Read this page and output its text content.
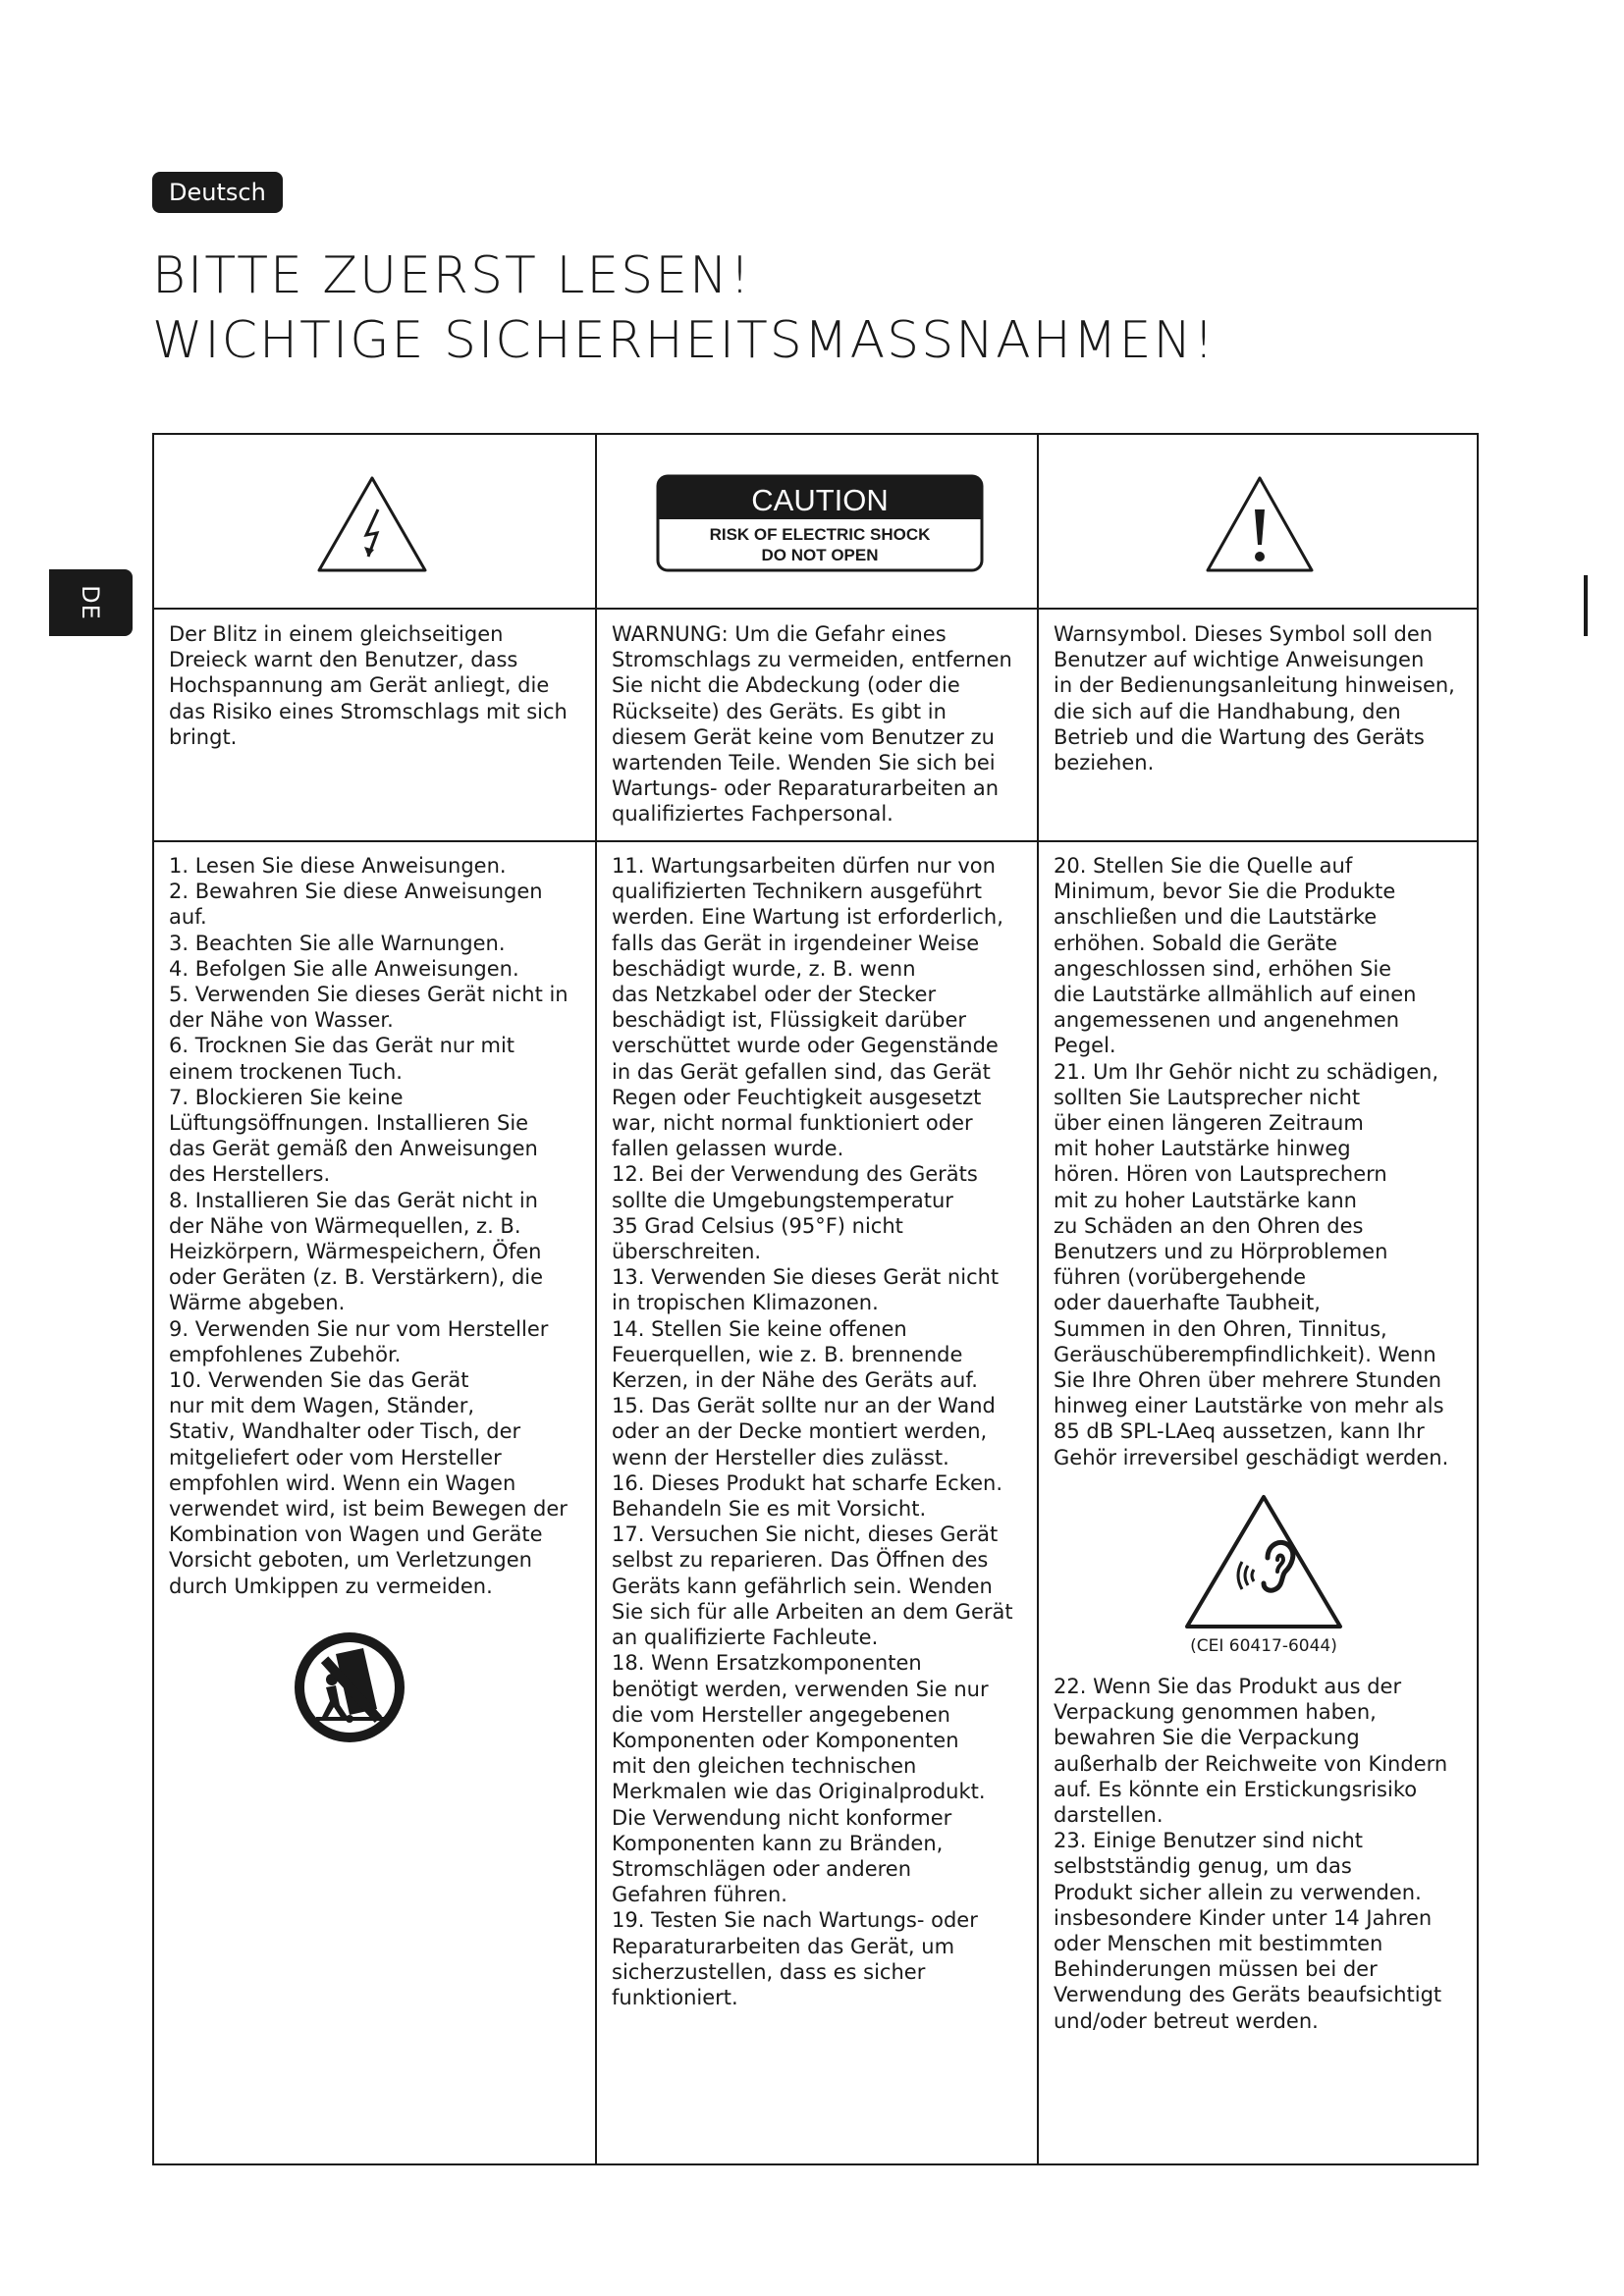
Deutsch
BITTE ZUERST LESEN!
WICHTIGE SICHERHEITSMASSNAHMEN!
DE
CAUTION
RISK OF ELECTRIC SHOCK
DO NOT OPEN
Der Blitz in einem gleichseitigen
Dreieck warnt den Benutzer, dass
Hochspannung am Gerät anliegt, die
das Risiko eines Stromschlags mit sich
bringt.
WARNUNG: Um die Gefahr eines
Stromschlags zu vermeiden, entfernen
Sie nicht die Abdeckung (oder die
Rückseite) des Geräts. Es gibt in
diesem Gerät keine vom Benutzer zu
wartenden Teile. Wenden Sie sich bei
Wartungs- oder Reparaturarbeiten an
qualifiziertes Fachpersonal.
Warnsymbol. Dieses Symbol soll den
Benutzer auf wichtige Anweisungen
in der Bedienungsanleitung hinweisen,
die sich auf die Handhabung, den
Betrieb und die Wartung des Geräts
beziehen.
1. Lesen Sie diese Anweisungen.
2. Bewahren Sie diese Anweisungen
auf.
3. Beachten Sie alle Warnungen.
4. Befolgen Sie alle Anweisungen.
5. Verwenden Sie dieses Gerät nicht in
der Nähe von Wasser.
6. Trocknen Sie das Gerät nur mit
einem trockenen Tuch.
7. Blockieren Sie keine
Lüftungsöffnungen. Installieren Sie
das Gerät gemäß den Anweisungen
des Herstellers.
8. Installieren Sie das Gerät nicht in
der Nähe von Wärmequellen, z. B.
Heizkörpern, Wärmespeichern, Öfen
oder Geräten (z. B. Verstärkern), die
Wärme abgeben.
9. Verwenden Sie nur vom Hersteller
empfohlenes Zubehör.
10. Verwenden Sie das Gerät
nur mit dem Wagen, Ständer,
Stativ, Wandhalter oder Tisch, der
mitgeliefert oder vom Hersteller
empfohlen wird. Wenn ein Wagen
verwendet wird, ist beim Bewegen der
Kombination von Wagen und Geräte
Vorsicht geboten, um Verletzungen
durch Umkippen zu vermeiden.
11. Wartungsarbeiten dürfen nur von
qualifizierten Technikern ausgeführt
werden. Eine Wartung ist erforderlich,
falls das Gerät in irgendeiner Weise
beschädigt wurde, z. B. wenn
das Netzkabel oder der Stecker
beschädigt ist, Flüssigkeit darüber
verschüttet wurde oder Gegenstände
in das Gerät gefallen sind, das Gerät
Regen oder Feuchtigkeit ausgesetzt
war, nicht normal funktioniert oder
fallen gelassen wurde.
12. Bei der Verwendung des Geräts
sollte die Umgebungstemperatur
35 Grad Celsius (95°F) nicht
überschreiten.
13. Verwenden Sie dieses Gerät nicht
in tropischen Klimazonen.
14. Stellen Sie keine offenen
Feuerquellen, wie z. B. brennende
Kerzen, in der Nähe des Geräts auf.
15. Das Gerät sollte nur an der Wand
oder an der Decke montiert werden,
wenn der Hersteller dies zulässt.
16. Dieses Produkt hat scharfe Ecken.
Behandeln Sie es mit Vorsicht.
17. Versuchen Sie nicht, dieses Gerät
selbst zu reparieren. Das Öffnen des
Geräts kann gefährlich sein. Wenden
Sie sich für alle Arbeiten an dem Gerät
an qualifizierte Fachleute.
18. Wenn Ersatzkomponenten
benötigt werden, verwenden Sie nur
die vom Hersteller angegebenen
Komponenten oder Komponenten
mit den gleichen technischen
Merkmalen wie das Originalprodukt.
Die Verwendung nicht konformer
Komponenten kann zu Bränden,
Stromschlägen oder anderen
Gefahren führen.
19. Testen Sie nach Wartungs- oder
Reparaturarbeiten das Gerät, um
sicherzustellen, dass es sicher
funktioniert.
20. Stellen Sie die Quelle auf
Minimum, bevor Sie die Produkte
anschließen und die Lautstärke
erhöhen. Sobald die Geräte
angeschlossen sind, erhöhen Sie
die Lautstärke allmählich auf einen
angemessenen und angenehmen
Pegel.
21. Um Ihr Gehör nicht zu schädigen,
sollten Sie Lautsprecher nicht
über einen längeren Zeitraum
mit hoher Lautstärke hinweg
hören. Hören von Lautsprechern
mit zu hoher Lautstärke kann
zu Schäden an den Ohren des
Benutzers und zu Hörproblemen
führen (vorübergehende
oder dauerhafte Taubheit,
Summen in den Ohren, Tinnitus,
Geräuschüberempfindlichkeit). Wenn
Sie Ihre Ohren über mehrere Stunden
hinweg einer Lautstärke von mehr als
85 dB SPL-LAeq aussetzen, kann Ihr
Gehör irreversibel geschädigt werden.
(CEI 60417-6044)
22. Wenn Sie das Produkt aus der
Verpackung genommen haben,
bewahren Sie die Verpackung
außerhalb der Reichweite von Kindern
auf. Es könnte ein Erstickungsrisiko
darstellen.
23. Einige Benutzer sind nicht
selbstständig genug, um das
Produkt sicher allein zu verwenden.
insbesondere Kinder unter 14 Jahren
oder Menschen mit bestimmten
Behinderungen müssen bei der
Verwendung des Geräts beaufsichtigt
und/oder betreut werden.
